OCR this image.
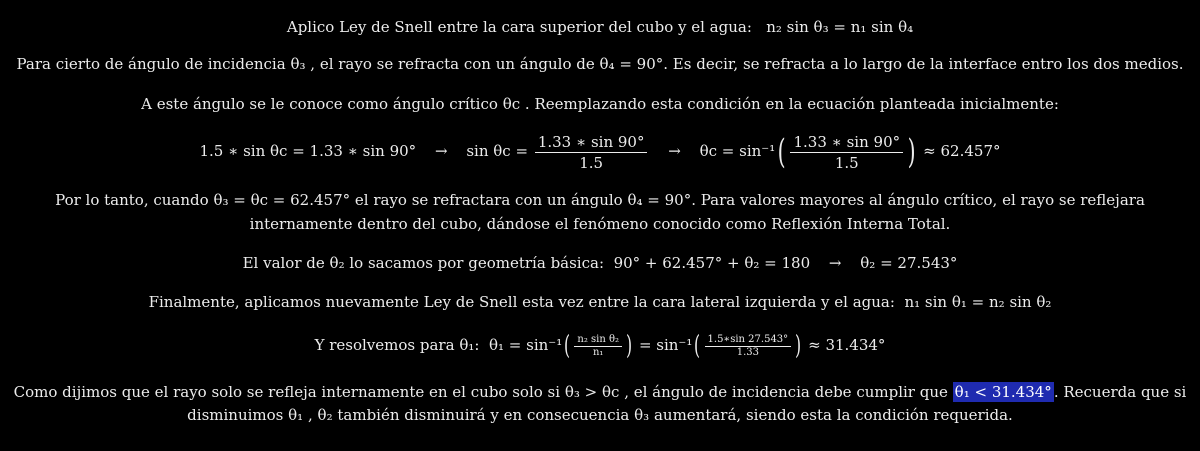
Aplico Ley de Snell entre la cara superior del cubo y el agua: n₂ sin θ₃ = n₁ sin θ₄
Para cierto de ángulo de incidencia θ₃ , el rayo se refracta con un ángulo de θ₄ = 90°. Es decir, se refracta a lo largo de la interface entro los dos medios.
A este ángulo se le conoce como ángulo crítico θc . Reemplazando esta condición en la ecuación planteada inicialmente:
1.5 ∗ sin θc = 1.33 ∗ $\sin 90^\circ \to \sin \theta c = \frac{1.33 ∗ \sin 90^\circ}{1.5} \to \theta c = \sin^{-1}( \frac{1.33 ∗ \sin 90^\circ}{1.5}$ ) ≈ 62.457°
Por lo tanto, cuando θ₃ = θc = 62.457° el rayo se refractara con un ángulo θ₄ = 90°. Para valores mayores al ángulo crítico, el rayo se reflejara
internamente dentro del cubo, dándose el fenómeno conocido como Reflexión Interna Total.
El valor de θ₂ lo sacamos por geometría básica: 90° + 62.457° + θ₂ = 180 → θ₂ = 27.543°
Finalmente, aplicamos nuevamente Ley de Snell esta vez entre la cara lateral izquierda y el agua: n₁ sin θ₁ = n₂ sin θ₂
Y resolvemos para θ₁: $\theta_1 = \sin^{-1}( \frac{\text{n₂ sin θ₂}}{\text{n₁}}$ ) = $\sin^{-1}( \frac{1.5∗\sin 27.543^\circ}{1.33}$ ) ≈ 31.434°
Como dijimos que el rayo solo se refleja internamente en el cubo solo si θ₃ > θc , el ángulo de incidencia debe cumplir que θ₁ < 31.434° . Recuerda que si
disminuimos θ₁ , θ₂ también disminuirá y en consecuencia θ₃ aumentará, siendo esta la condición requerida.
